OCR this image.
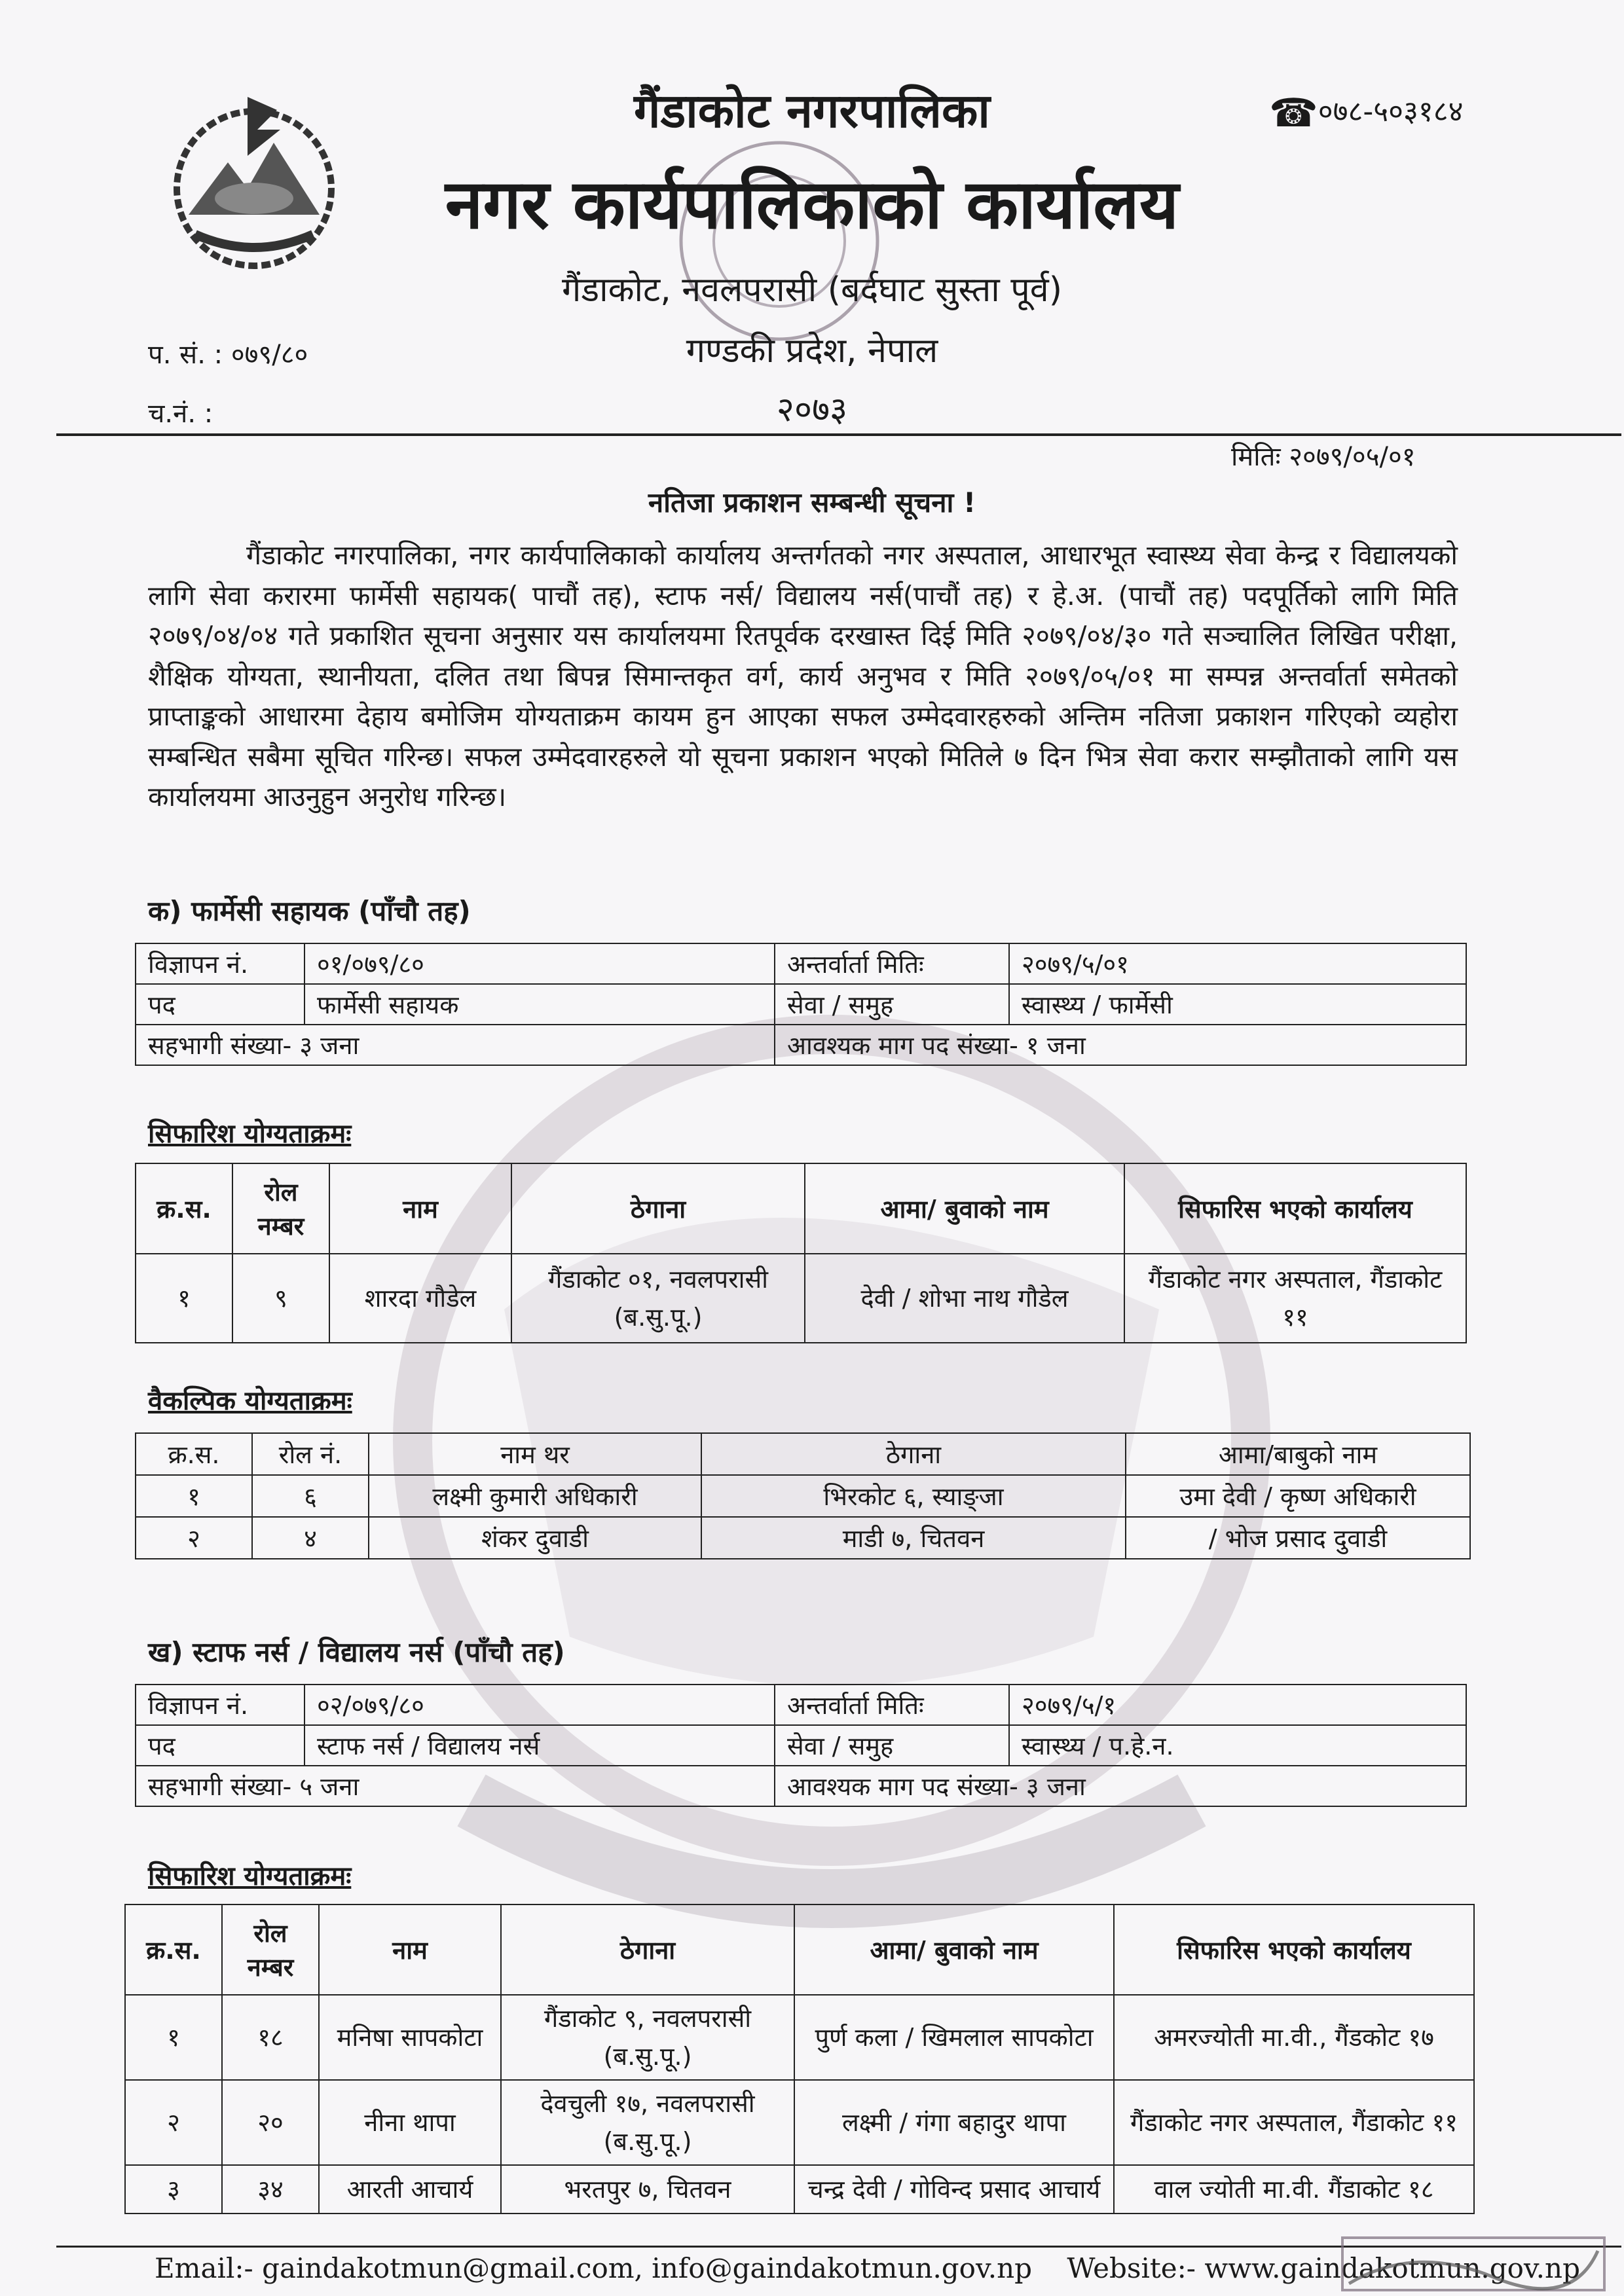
गैंडाकोट नगरपालिका
नगर कार्यपालिकाको कार्यालय
गैंडाकोट, नवलपरासी (बर्दघाट सुस्ता पूर्व)
गण्डकी प्रदेश, नेपाल
२०७३
☎०७८-५०३१८४
प. सं. : ०७९/८०
च.नं. :
मितिः २०७९/०५/०१
नतिजा प्रकाशन सम्बन्धी सूचना !
गैंडाकोट नगरपालिका, नगर कार्यपालिकाको कार्यालय अन्तर्गतको नगर अस्पताल, आधारभूत स्वास्थ्य सेवा केन्द्र र विद्यालयको लागि सेवा करारमा फार्मेसी सहायक( पाचौं तह), स्टाफ नर्स/ विद्यालय नर्स(पाचौं तह) र हे.अ. (पाचौं तह) पदपूर्तिको लागि मिति २०७९/०४/०४ गते प्रकाशित सूचना अनुसार यस कार्यालयमा रितपूर्वक दरखास्त दिई मिति २०७९/०४/३० गते सञ्चालित लिखित परीक्षा, शैक्षिक योग्यता, स्थानीयता, दलित तथा बिपन्न सिमान्तकृत वर्ग, कार्य अनुभव र मिति २०७९/०५/०१ मा सम्पन्न अन्तर्वार्ता समेतको प्राप्ताङ्कको आधारमा देहाय बमोजिम योग्यताक्रम कायम हुन आएका सफल उम्मेदवारहरुको अन्तिम नतिजा प्रकाशन गरिएको व्यहोरा सम्बन्धित सबैमा सूचित गरिन्छ। सफल उम्मेदवारहरुले यो सूचना प्रकाशन भएको मितिले ७ दिन भित्र सेवा करार सम्झौताको लागि यस कार्यालयमा आउनुहुन अनुरोध गरिन्छ।
क) फार्मेसी सहायक (पाँचौ तह)
विज्ञापन नं.	०१/०७९/८०	अन्तर्वार्ता मितिः	२०७९/५/०१
पद	फार्मेसी सहायक	सेवा / समुह	स्वास्थ्य / फार्मेसी
सहभागी संख्या- ३ जना		आवश्यक माग पद संख्या- १ जना	
सिफारिश योग्यताक्रमः
क्र.स.	रोल नम्बर	नाम	ठेगाना	आमा/ बुवाको नाम	सिफारिस भएको कार्यालय
१	९	शारदा गौडेल	गैंडाकोट ०१, नवलपरासी (ब.सु.पू.)	देवी / शोभा नाथ गौडेल	गैंडाकोट नगर अस्पताल, गैंडाकोट ११
वैकल्पिक योग्यताक्रमः
क्र.स.	रोल नं.	नाम थर	ठेगाना	आमा/बाबुको नाम
१	६	लक्ष्मी कुमारी अधिकारी	भिरकोट ६, स्याङ्जा	उमा देवी / कृष्ण अधिकारी
२	४	शंकर दुवाडी	माडी ७, चितवन	/ भोज प्रसाद दुवाडी
ख) स्टाफ नर्स / विद्यालय नर्स (पाँचौ तह)
विज्ञापन नं.	०२/०७९/८०	अन्तर्वार्ता मितिः	२०७९/५/१
पद	स्टाफ नर्स / विद्यालय नर्स	सेवा / समुह	स्वास्थ्य / प.हे.न.
सहभागी संख्या- ५ जना		आवश्यक माग पद संख्या- ३ जना	
सिफारिश योग्यताक्रमः
क्र.स.	रोल नम्बर	नाम	ठेगाना	आमा/ बुवाको नाम	सिफारिस भएको कार्यालय
१	१८	मनिषा सापकोटा	गैंडाकोट ९, नवलपरासी (ब.सु.पू.)	पुर्ण कला / खिमलाल सापकोटा	अमरज्योती मा.वी., गैंडकोट १७
२	२०	नीना थापा	देवचुली १७, नवलपरासी (ब.सु.पू.)	लक्ष्मी / गंगा बहादुर थापा	गैंडाकोट नगर अस्पताल, गैंडाकोट ११
३	३४	आरती आचार्य	भरतपुर ७, चितवन	चन्द्र देवी / गोविन्द प्रसाद आचार्य	वाल ज्योती मा.वी. गैंडाकोट १८
Email:- gaindakotmun@gmail.com, info@gaindakotmun.gov.np Website:- www.gaindakotmun.gov.np
